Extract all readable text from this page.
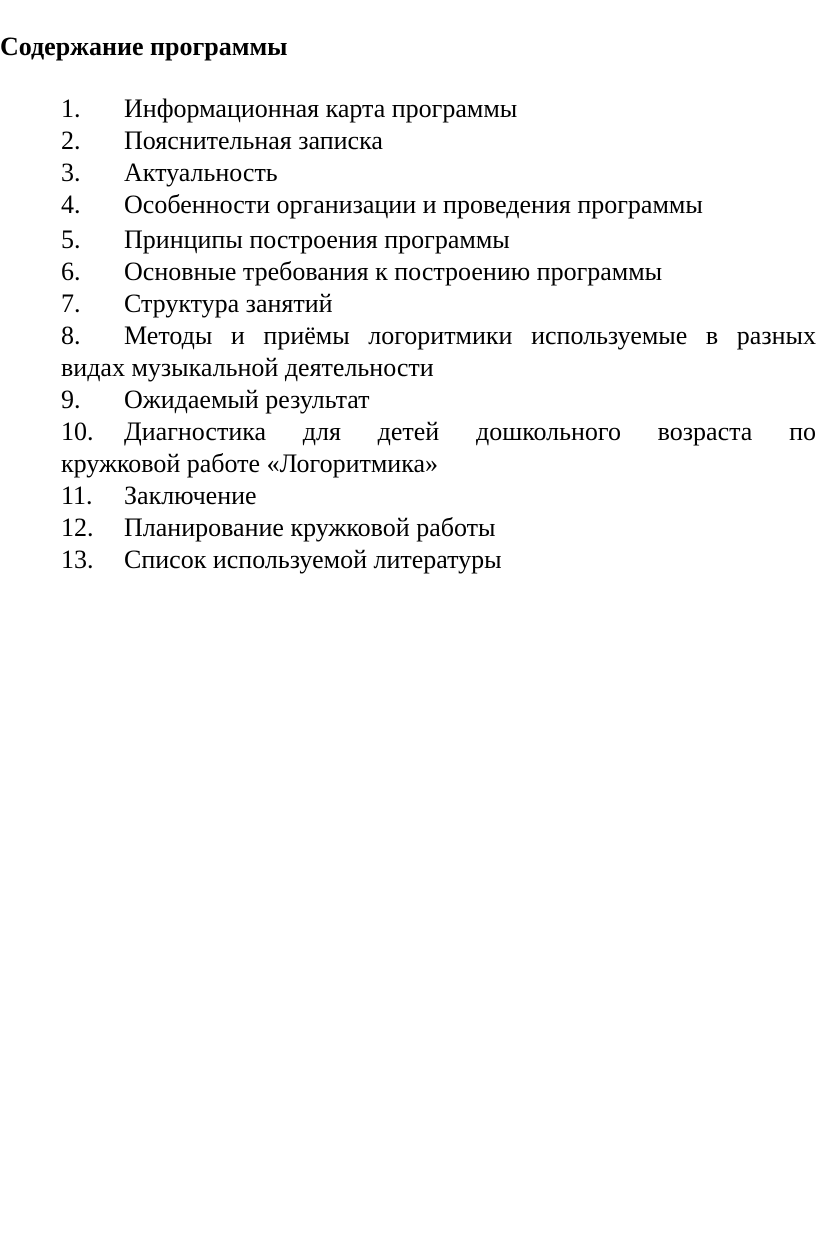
Содержание программы
1.	Информационная карта программы
2.	Пояснительная записка
3.	Актуальность
4.	Особенности организации и проведения программы
5.	Принципы построения программы
6.	Основные требования к построению программы
7.	Структура занятий
8.	Методы и приёмы логоритмики используемые в разных
видах музыкальной деятельности
9.	Ожидаемый результат
10.	Диагностика для детей дошкольного возраста по
кружковой работе «Логоритмика»
11.	Заключение
12.	Планирование кружковой работы
13.	Список используемой литературы
